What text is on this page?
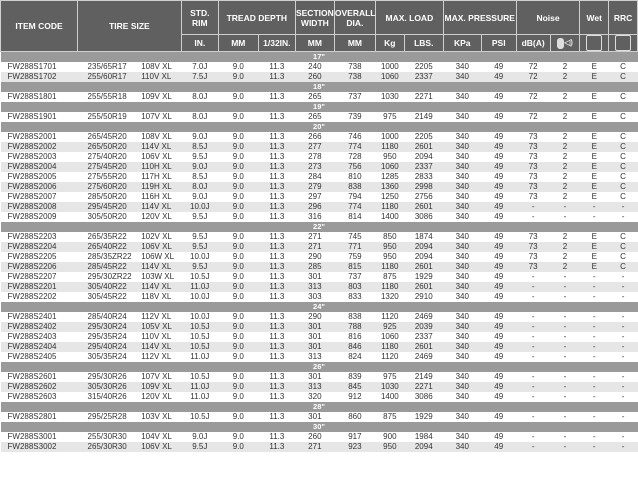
ITEM CODE	TIRE SIZE		STD. RIM	TREAD DEPTH		SECTION WIDTH	OVERALL DIA.	MAX. LOAD		MAX. PRESSURE		Noise		Wet	RRC
			IN.	MM	1/32IN.	MM	MM	Kg	LBS.	KPa	PSI	dB(A)	◁)		
17"															
FW288S1701	235/65R17	108V XL	7.0J	9.0	11.3	240	738	1000	2205	340	49	72	2	E	C
FW288S1702	255/60R17	110V XL	7.5J	9.0	11.3	260	738	1060	2337	340	49	72	2	E	C
18"															
FW288S1801	255/55R18	109V XL	8.0J	9.0	11.3	265	737	1030	2271	340	49	72	2	E	C
19"															
FW288S1901	255/50R19	107V XL	8.0J	9.0	11.3	265	739	975	2149	340	49	72	2	E	C
20"															
FW288S2001	265/45R20	108V XL	9.0J	9.0	11.3	266	746	1000	2205	340	49	73	2	E	C
FW288S2002	265/50R20	114V XL	8.5J	9.0	11.3	277	774	1180	2601	340	49	73	2	E	C
FW288S2003	275/40R20	106V XL	9.5J	9.0	11.3	278	728	950	2094	340	49	73	2	E	C
FW288S2004	275/45R20	110H XL	9.0J	9.0	11.3	273	756	1060	2337	340	49	73	2	E	C
FW288S2005	275/55R20	117H XL	8.5J	9.0	11.3	284	810	1285	2833	340	49	73	2	E	C
FW288S2006	275/60R20	119H XL	8.0J	9.0	11.3	279	838	1360	2998	340	49	73	2	E	C
FW288S2007	285/50R20	116H XL	9.0J	9.0	11.3	297	794	1250	2756	340	49	73	2	E	C
FW288S2008	295/45R20	114V XL	10.0J	9.0	11.3	296	774	1180	2601	340	49	-	-	-	-
FW288S2009	305/50R20	120V XL	9.5J	9.0	11.3	316	814	1400	3086	340	49	-	-	-	-
22"															
FW288S2203	265/35R22	102V XL	9.5J	9.0	11.3	271	745	850	1874	340	49	73	2	E	C
FW288S2204	265/40R22	106V XL	9.5J	9.0	11.3	271	771	950	2094	340	49	73	2	E	C
FW288S2205	285/35ZR22	106W XL	10.0J	9.0	11.3	290	759	950	2094	340	49	73	2	E	C
FW288S2206	285/45R22	114V XL	9.5J	9.0	11.3	285	815	1180	2601	340	49	73	2	E	C
FW288S2207	295/30ZR22	103W XL	10.5J	9.0	11.3	301	737	875	1929	340	49	-	-	-	-
FW288S2201	305/40R22	114V XL	11.0J	9.0	11.3	313	803	1180	2601	340	49	-	-	-	-
FW288S2202	305/45R22	118V XL	10.0J	9.0	11.3	303	833	1320	2910	340	49	-	-	-	-
24"															
FW288S2401	285/40R24	112V XL	10.0J	9.0	11.3	290	838	1120	2469	340	49	-	-	-	-
FW288S2402	295/30R24	105V XL	10.5J	9.0	11.3	301	788	925	2039	340	49	-	-	-	-
FW288S2403	295/35R24	110V XL	10.5J	9.0	11.3	301	816	1060	2337	340	49	-	-	-	-
FW288S2404	295/40R24	114V XL	10.5J	9.0	11.3	301	846	1180	2601	340	49	-	-	-	-
FW288S2405	305/35R24	112V XL	11.0J	9.0	11.3	313	824	1120	2469	340	49	-	-	-	-
26"															
FW288S2601	295/30R26	107V XL	10.5J	9.0	11.3	301	839	975	2149	340	49	-	-	-	-
FW288S2602	305/30R26	109V XL	11.0J	9.0	11.3	313	845	1030	2271	340	49	-	-	-	-
FW288S2603	315/40R26	120V XL	11.0J	9.0	11.3	320	912	1400	3086	340	49	-	-	-	-
28"															
FW288S2801	295/25R28	103V XL	10.5J	9.0	11.3	301	860	875	1929	340	49	-	-	-	-
30"															
FW288S3001	255/30R30	104V XL	9.0J	9.0	11.3	260	917	900	1984	340	49	-	-	-	-
FW288S3002	265/30R30	106V XL	9.5J	9.0	11.3	271	923	950	2094	340	49	-	-	-	-
